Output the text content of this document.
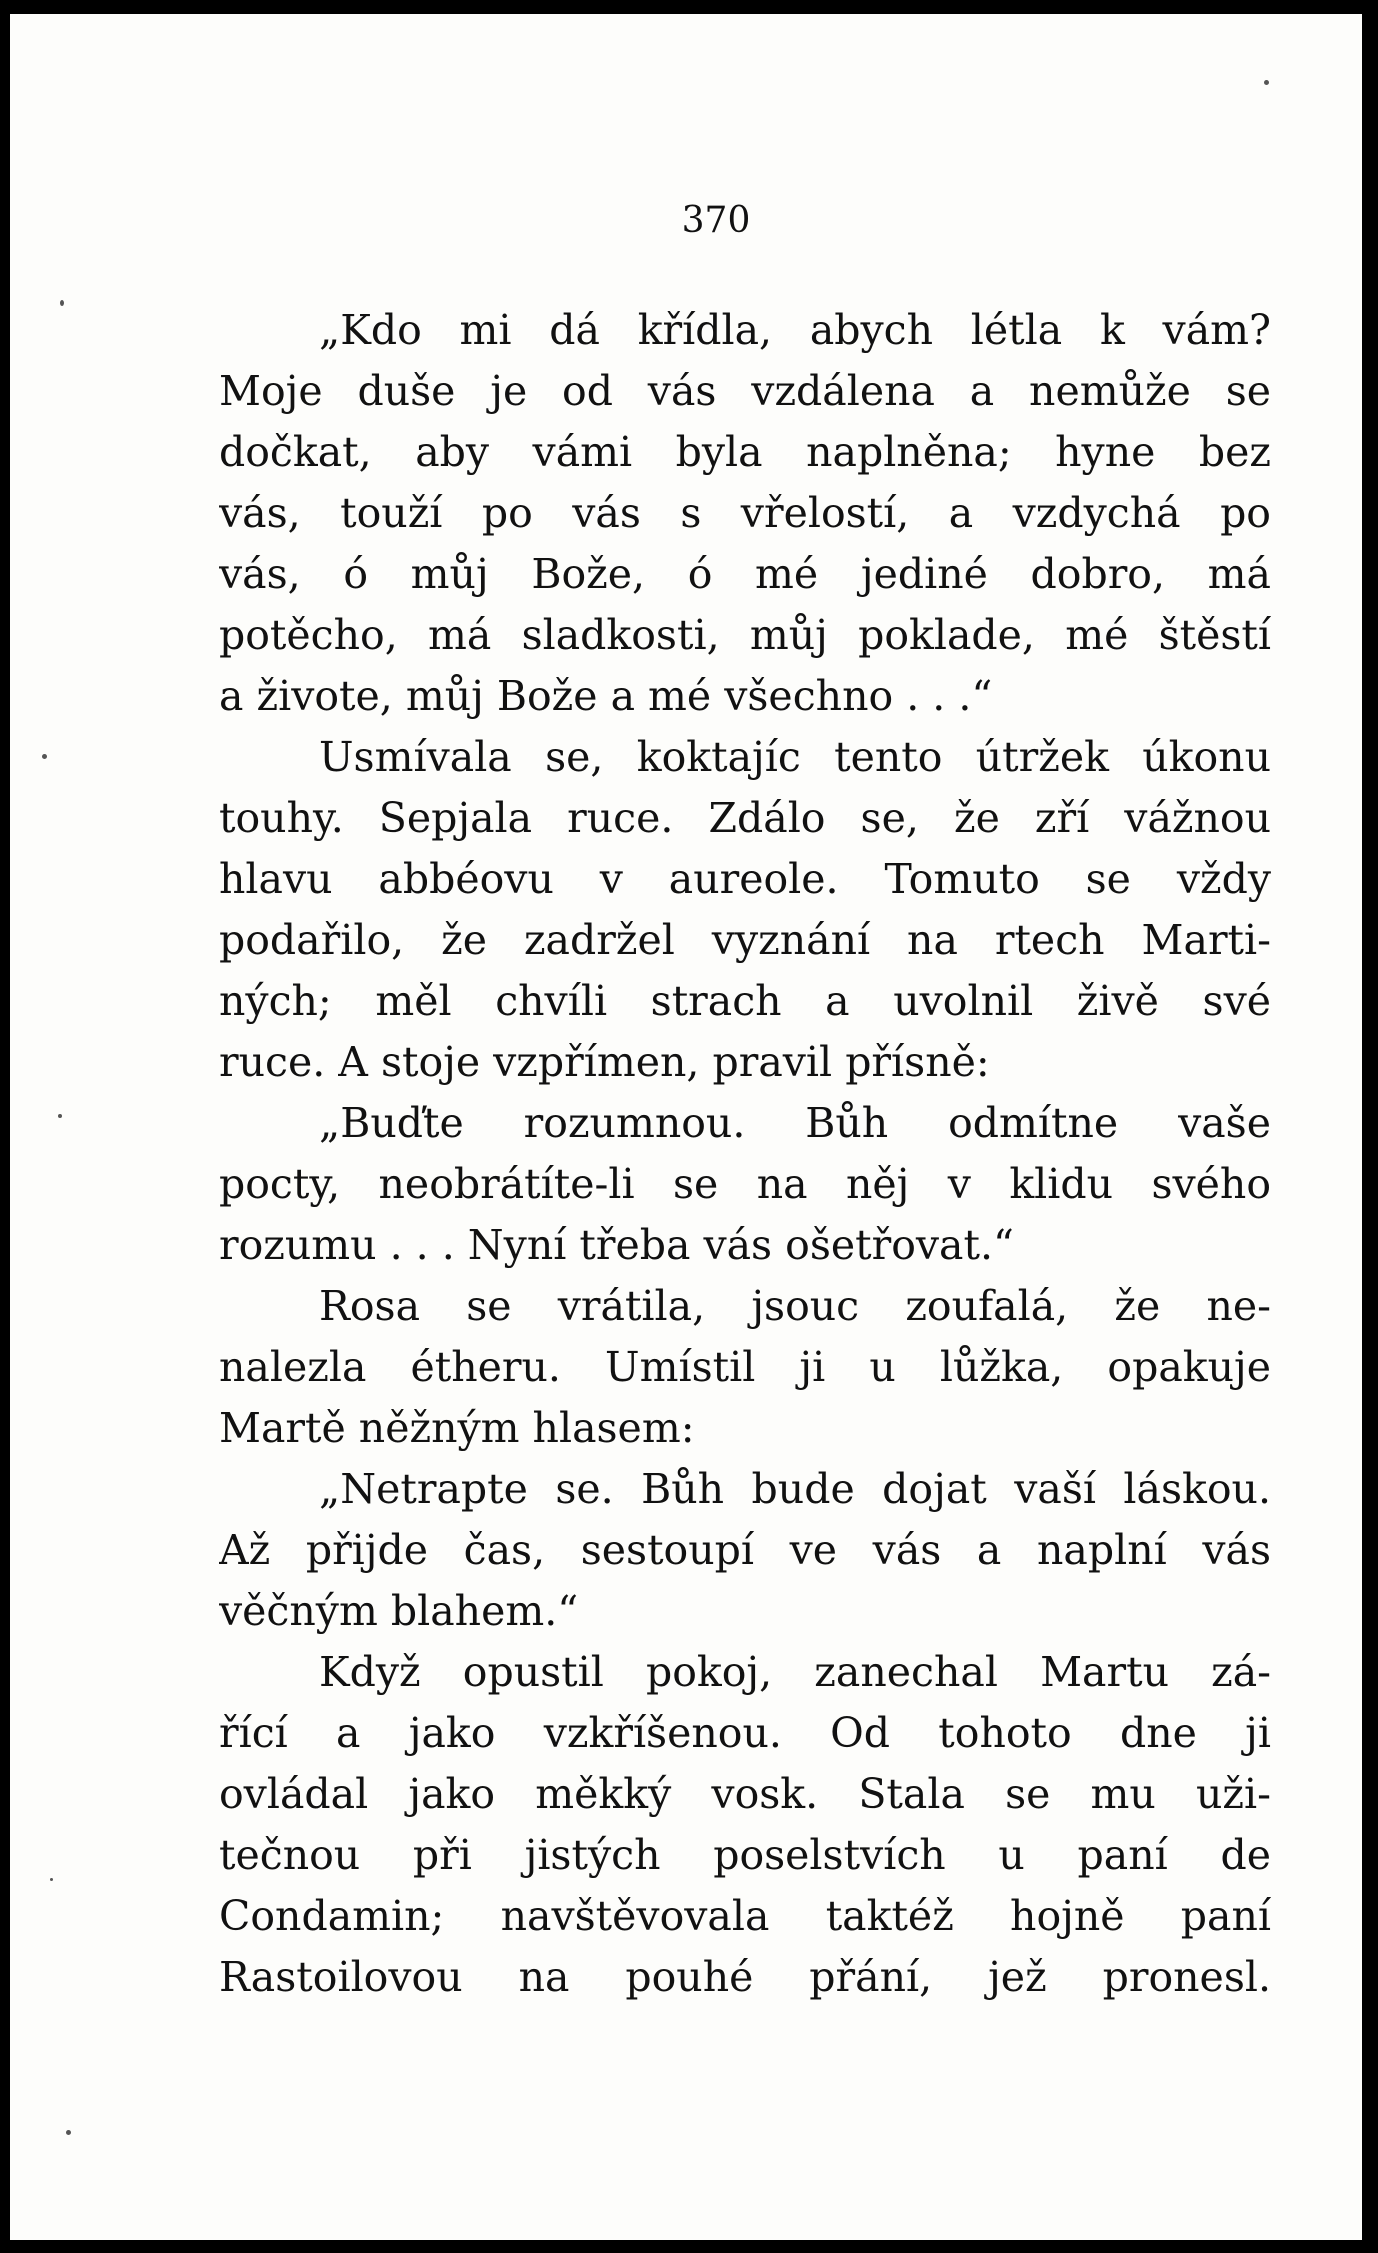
370
„Kdo mi dá křídla, abych létla k vám?
Moje duše je od vás vzdálena a nemůže se
dočkat, aby vámi byla naplněna; hyne bez
vás, touží po vás s vřelostí, a vzdychá po
vás, ó můj Bože, ó mé jediné dobro, má
potěcho, má sladkosti, můj poklade, mé štěstí
a živote, můj Bože a mé všechno . . .“
Usmívala se, koktajíc tento útržek úkonu
touhy. Sepjala ruce. Zdálo se, že zří vážnou
hlavu abbéovu v aureole. Tomuto se vždy
podařilo, že zadržel vyznání na rtech Marti-
ných; měl chvíli strach a uvolnil živě své
ruce. A stoje vzpřímen, pravil přísně:
„Buďte rozumnou. Bůh odmítne vaše
pocty, neobrátíte-li se na něj v klidu svého
rozumu . . . Nyní třeba vás ošetřovat.“
Rosa se vrátila, jsouc zoufalá, že ne-
nalezla étheru. Umístil ji u lůžka, opakuje
Martě něžným hlasem:
„Netrapte se. Bůh bude dojat vaší láskou.
Až přijde čas, sestoupí ve vás a naplní vás
věčným blahem.“
Když opustil pokoj, zanechal Martu zá-
řící a jako vzkříšenou. Od tohoto dne ji
ovládal jako měkký vosk. Stala se mu uži-
tečnou při jistých poselstvích u paní de
Condamin; navštěvovala taktéž hojně paní
Rastoilovou na pouhé přání, jež pronesl.
